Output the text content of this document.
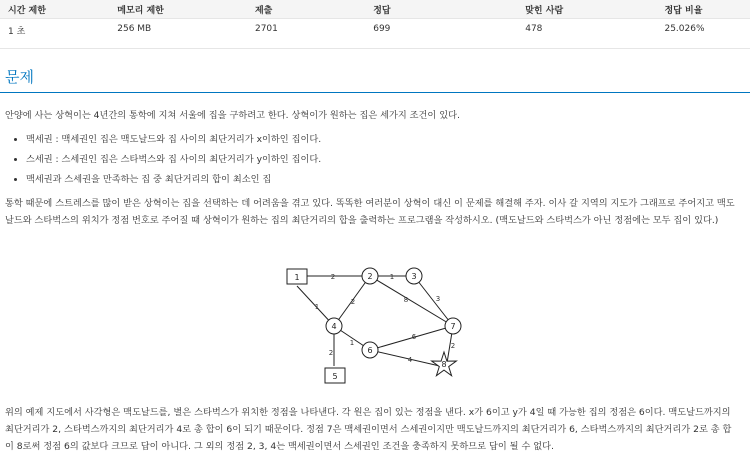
시간 제한	메모리 제한	제출	정답	맞힌 사람	정답 비율
1 초	256 MB	2701	699	478	25.026%
문제
안양에 사는 상혁이는 4년간의 통학에 지쳐 서울에 집을 구하려고 한다. 상혁이가 원하는 집은 세가지 조건이 있다.
• 맥세권 : 맥세권인 집은 맥도날드와 집 사이의 최단거리가 x이하인 집이다.
• 스세권 : 스세권인 집은 스타벅스와 집 사이의 최단거리가 y이하인 집이다.
• 맥세권과 스세권을 만족하는 집 중 최단거리의 합이 최소인 집
통학 때문에 스트레스를 많이 받은 상혁이는 집을 선택하는 데 어려움을 겪고 있다. 똑똑한 여러분이 상혁이 대신 이 문제를 해결해 주자. 이사 갈 지역의 지도가 그래프로 주어지고 맥도날드와 스타벅스의 위치가 정점 번호로 주어질 때 상혁이가 원하는 집의 최단거리의 합을 출력하는 프로그램을 작성하시오. (맥도날드와 스타벅스가 아닌 정점에는 모두 집이 있다.)
2	1
8	3
1
2
1
6
2
4
2
1	2	3
4
5
6
7
8
위의 예제 지도에서 사각형은 맥도날드를, 별은 스타벅스가 위치한 정점을 나타낸다. 각 원은 집이 있는 정점을 낸다. x가 6이고 y가 4일 때 가능한 집의 정점은 6이다. 맥도날드까지의 최단거리가 2, 스타벅스까지의 최단거리가 4로 총 합이 6이 되기 때문이다. 정점 7은 맥세권이면서 스세권이지만 맥도날드까지의 최단거리가 6, 스타벅스까지의 최단거리가 2로 총 합이 8로써 정점 6의 값보다 크므로 답이 아니다. 그 외의 정점 2, 3, 4는 맥세권이면서 스세권인 조건을 충족하지 못하므로 답이 될 수 없다.
